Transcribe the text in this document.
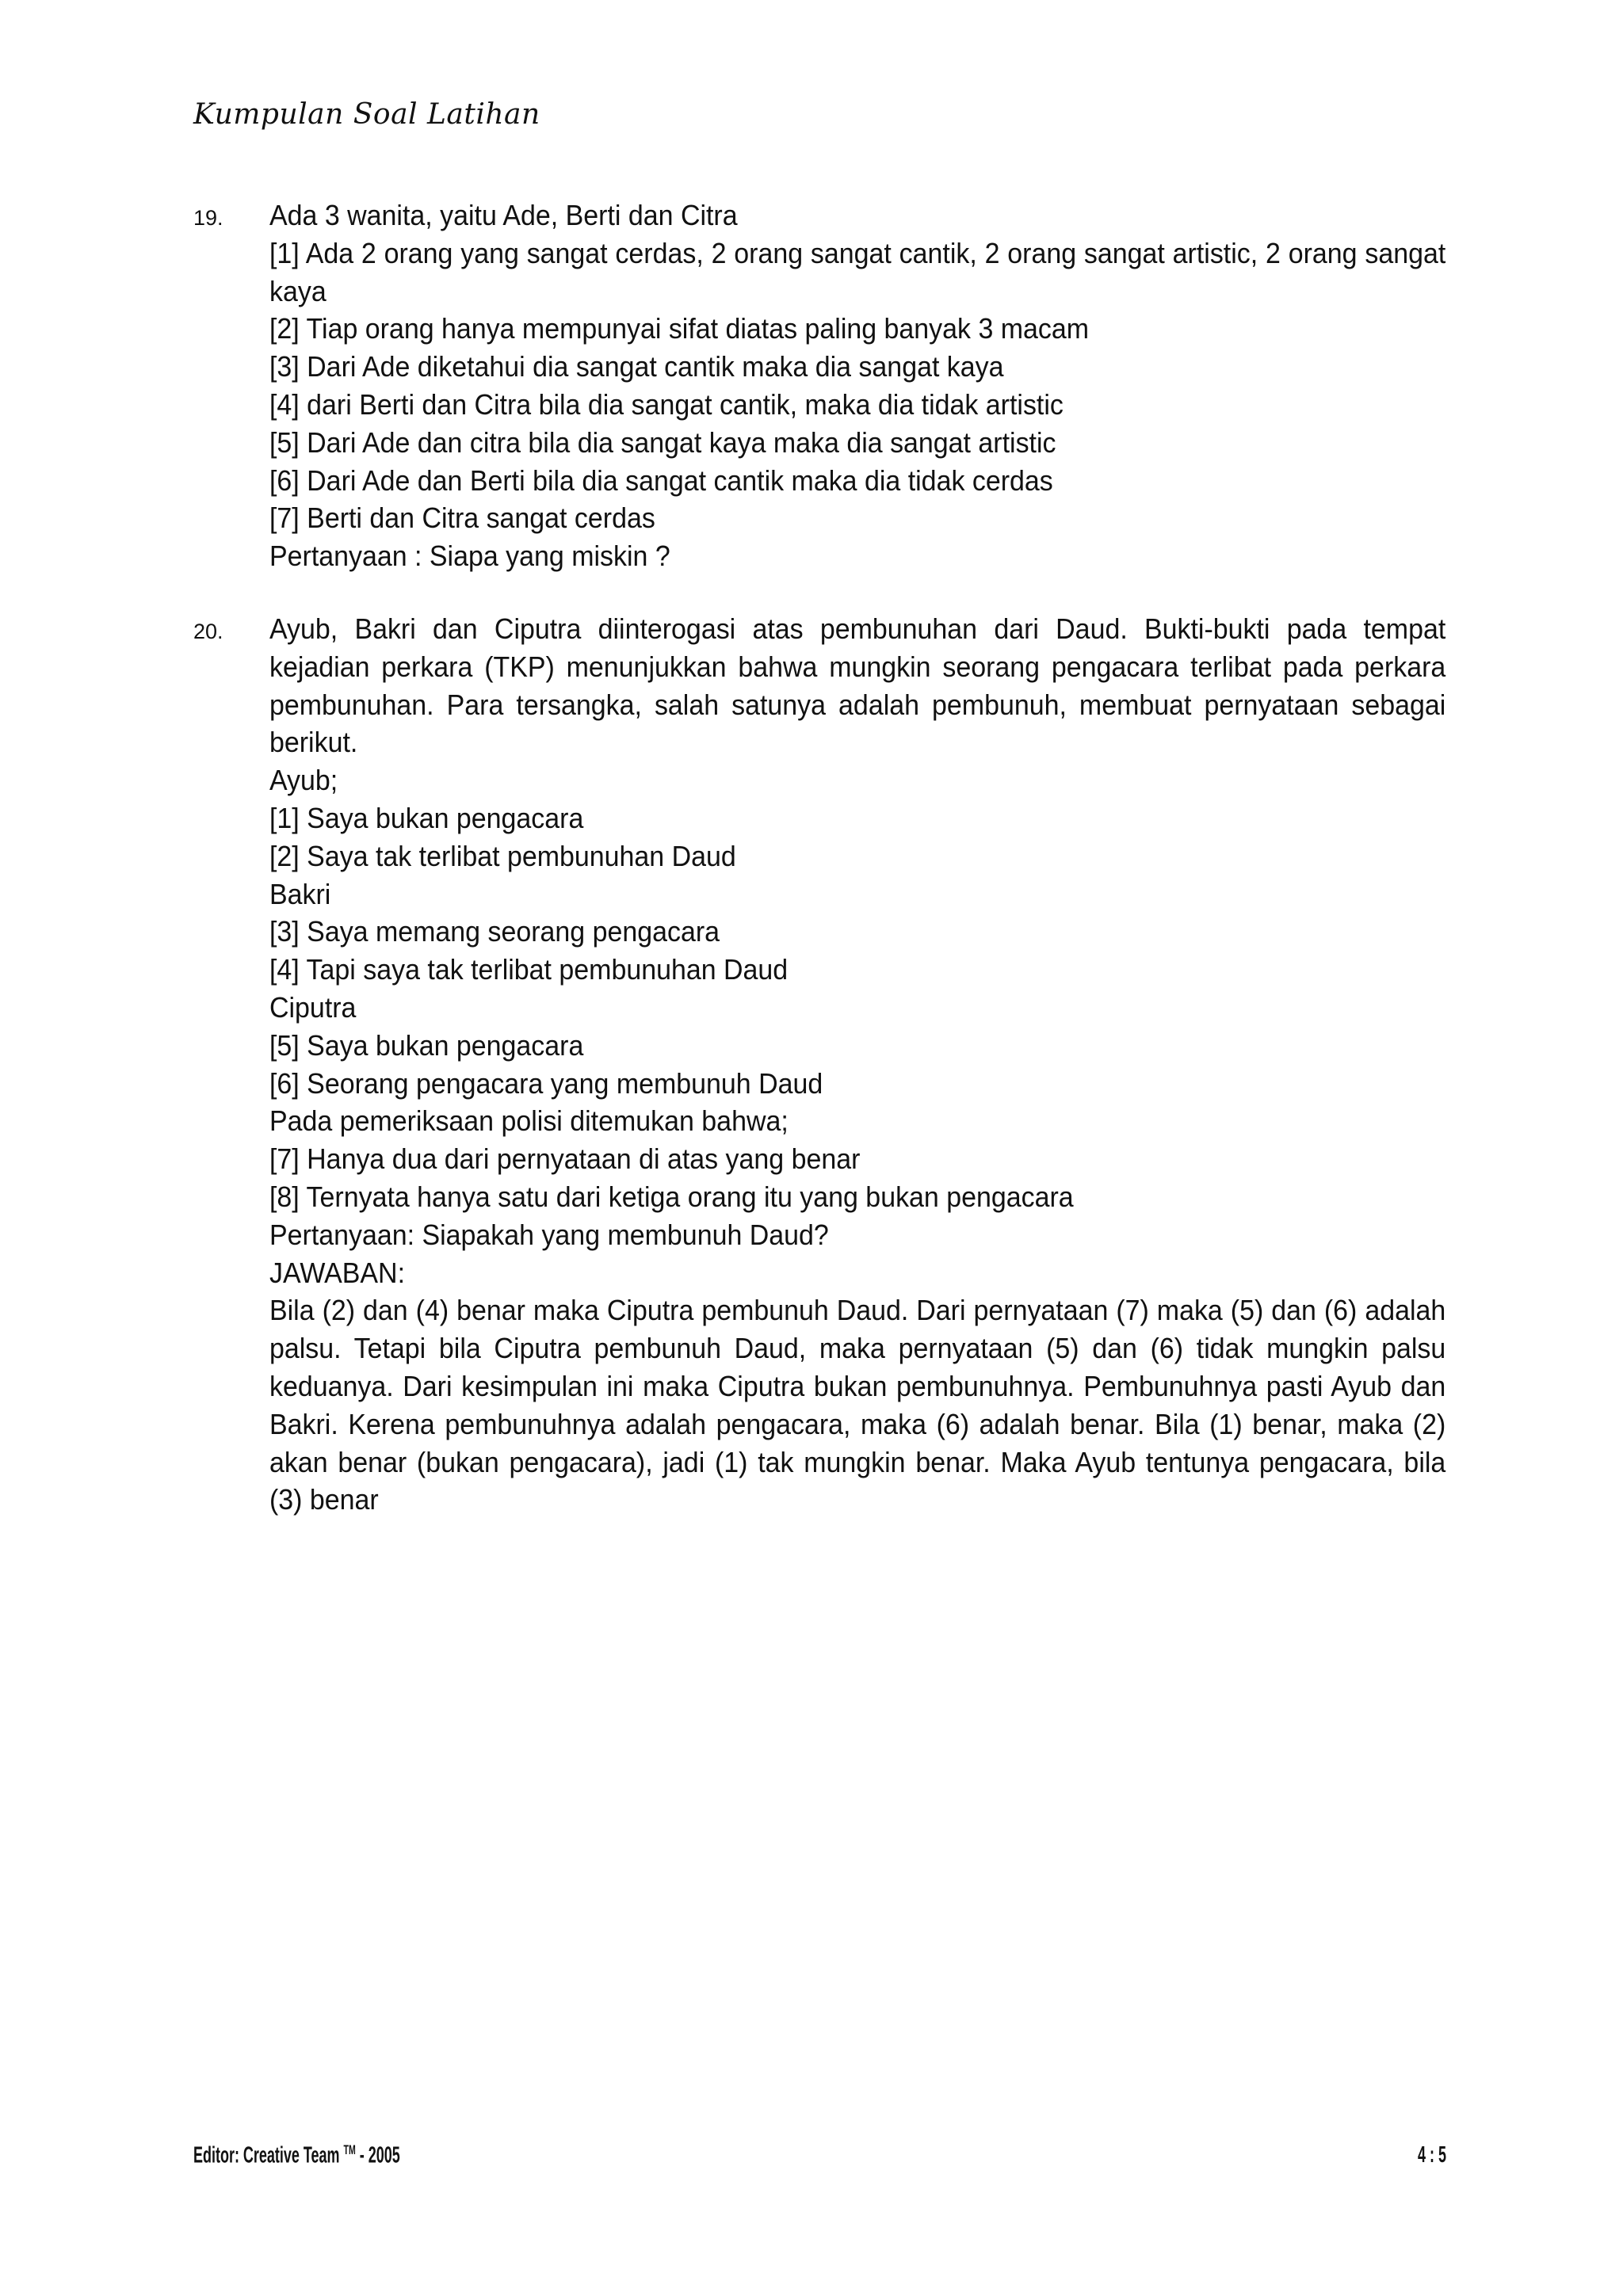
Kumpulan Soal Latihan
19. Ada 3 wanita, yaitu Ade, Berti dan Citra
[1] Ada 2 orang yang sangat cerdas, 2 orang sangat cantik, 2 orang sangat artistic, 2 orang sangat kaya
[2] Tiap orang hanya mempunyai sifat diatas paling banyak 3 macam
[3] Dari Ade diketahui dia sangat cantik maka dia sangat kaya
[4] dari Berti dan Citra bila dia sangat cantik, maka dia tidak artistic
[5] Dari Ade dan citra bila dia sangat kaya maka dia sangat artistic
[6] Dari Ade dan Berti bila dia sangat cantik maka dia tidak cerdas
[7] Berti dan Citra sangat cerdas
Pertanyaan : Siapa yang miskin ?
20. Ayub, Bakri dan Ciputra diinterogasi atas pembunuhan dari Daud. Bukti-bukti pada tempat kejadian perkara (TKP) menunjukkan bahwa mungkin seorang pengacara terlibat pada perkara pembunuhan. Para tersangka, salah satunya adalah pembunuh, membuat pernyataan sebagai berikut.
Ayub;
[1] Saya bukan pengacara
[2] Saya tak terlibat pembunuhan Daud
Bakri
[3] Saya memang seorang pengacara
[4] Tapi saya tak terlibat pembunuhan Daud
Ciputra
[5] Saya bukan pengacara
[6] Seorang pengacara yang membunuh Daud
Pada pemeriksaan polisi ditemukan bahwa;
[7] Hanya dua dari pernyataan di atas yang benar
[8] Ternyata hanya satu dari ketiga orang itu yang bukan pengacara
Pertanyaan: Siapakah yang membunuh Daud?
JAWABAN:
Bila (2) dan (4) benar maka Ciputra pembunuh Daud. Dari pernyataan (7) maka (5) dan (6) adalah palsu. Tetapi bila Ciputra pembunuh Daud, maka pernyataan (5) dan (6) tidak mungkin palsu keduanya. Dari kesimpulan ini maka Ciputra bukan pembunuhnya. Pembunuhnya pasti Ayub dan Bakri. Kerena pembunuhnya adalah pengacara, maka (6) adalah benar. Bila (1) benar, maka (2) akan benar (bukan pengacara), jadi (1) tak mungkin benar. Maka Ayub tentunya pengacara, bila (3) benar
Editor: Creative Team ™ - 2005	4 : 5
